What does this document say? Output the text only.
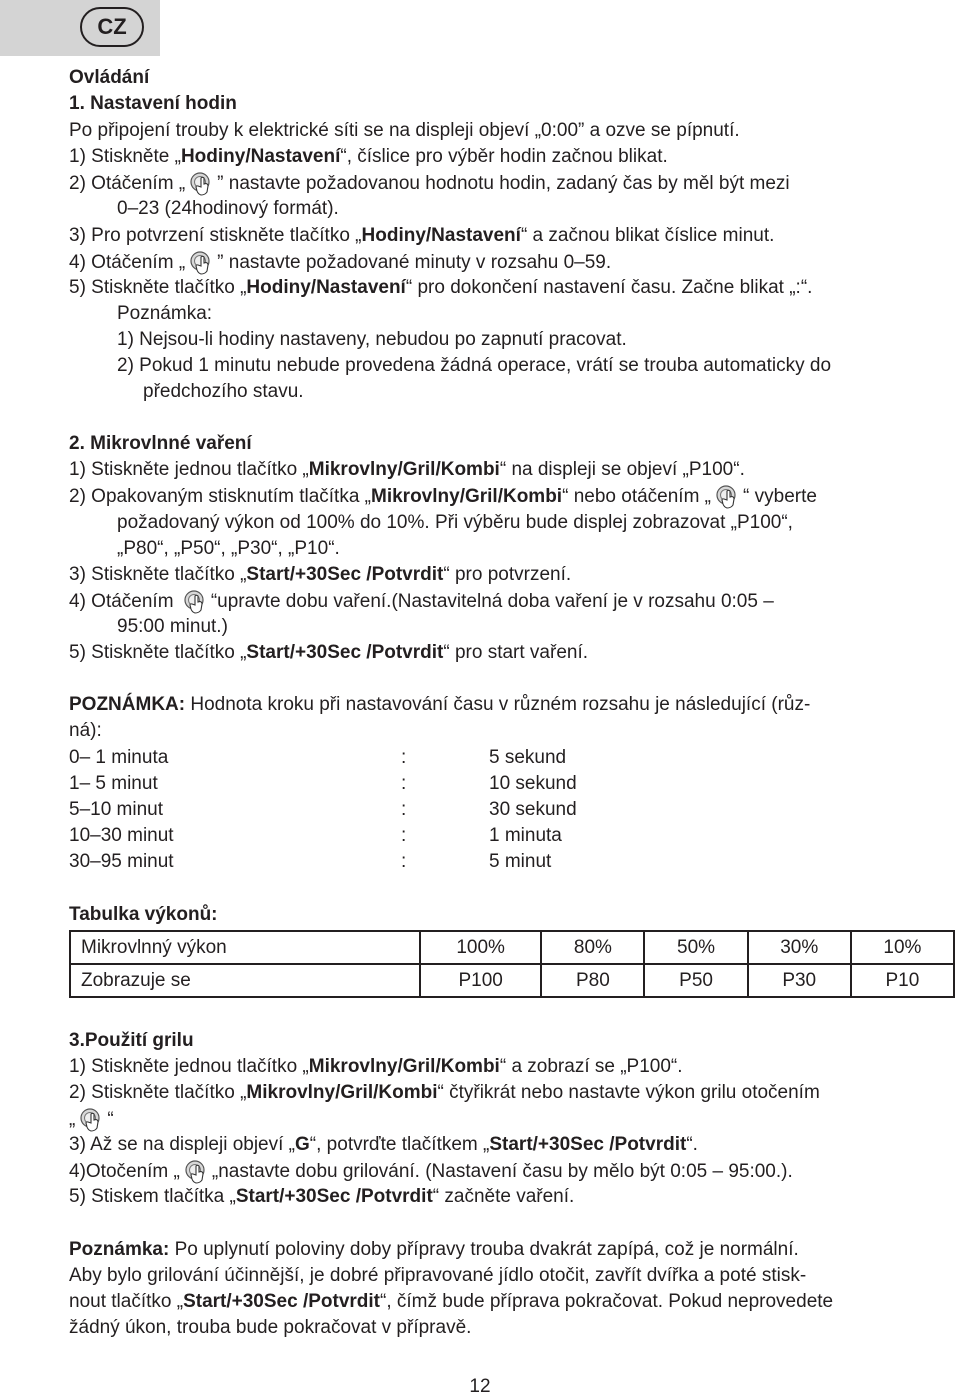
CZ
Ovládání
1. Nastavení hodin
Po připojení trouby k elektrické síti se na displeji objeví „0:00” a ozve se pípnutí.
1) Stiskněte „Hodiny/Nastavení“, číslice pro výběr hodin začnou blikat.
2) Otáčením „ ” nastavte požadovanou hodnotu hodin, zadaný čas by měl být mezi
0–23 (24hodinový formát).
3) Pro potvrzení stiskněte tlačítko „Hodiny/Nastavení“ a začnou blikat číslice minut.
4) Otáčením „ ” nastavte požadované minuty v rozsahu 0–59.
5) Stiskněte tlačítko „Hodiny/Nastavení“ pro dokončení nastavení času. Začne blikat „:“.
Poznámka:
1) Nejsou-li hodiny nastaveny, nebudou po zapnutí pracovat.
2) Pokud 1 minutu nebude provedena žádná operace, vrátí se trouba automaticky do
předchozího stavu.
2. Mikrovlnné vaření
1) Stiskněte jednou tlačítko „Mikrovlny/Gril/Kombi“ na displeji se objeví „P100“.
2) Opakovaným stisknutím tlačítka „Mikrovlny/Gril/Kombi“ nebo otáčením „ “ vyberte
požadovaný výkon od 100% do 10%. Při výběru bude displej zobrazovat „P100“,
„P80“, „P50“, „P30“, „P10“.
3) Stiskněte tlačítko „Start/+30Sec /Potvrdit“ pro potvrzení.
4) Otáčením “upravte dobu vaření.(Nastavitelná doba vaření je v rozsahu 0:05 –
95:00 minut.)
5) Stiskněte tlačítko „Start/+30Sec /Potvrdit“ pro start vaření.
POZNÁMKA: Hodnota kroku při nastavování času v různém rozsahu je následující (růz-
ná):
0– 1 minuta	:	5 sekund
1– 5 minut	:	10 sekund
5–10 minut	:	30 sekund
10–30 minut	:	1 minuta
30–95 minut	:	5 minut
Tabulka výkonů:
Mikrovlnný výkon	100%	80%	50%	30%	10%
Zobrazuje se	P100	P80	P50	P30	P10
3.Použití grilu
1) Stiskněte jednou tlačítko „Mikrovlny/Gril/Kombi“ a zobrazí se „P100“.
2) Stiskněte tlačítko „Mikrovlny/Gril/Kombi“ čtyřikrát nebo nastavte výkon grilu otočením
„ “
3) Až se na displeji objeví „G“, potvrďte tlačítkem „Start/+30Sec /Potvrdit“.
4)Otočením „ „nastavte dobu grilování. (Nastavení času by mělo být 0:05 – 95:00.).
5) Stiskem tlačítka „Start/+30Sec /Potvrdit“ začněte vaření.
Poznámka: Po uplynutí poloviny doby přípravy trouba dvakrát zapípá, což je normální.
Aby bylo grilování účinnější, je dobré připravované jídlo otočit, zavřít dvířka a poté stisk-
nout tlačítko „Start/+30Sec /Potvrdit“, čímž bude příprava pokračovat. Pokud neprovedete
žádný úkon, trouba bude pokračovat v přípravě.
12
